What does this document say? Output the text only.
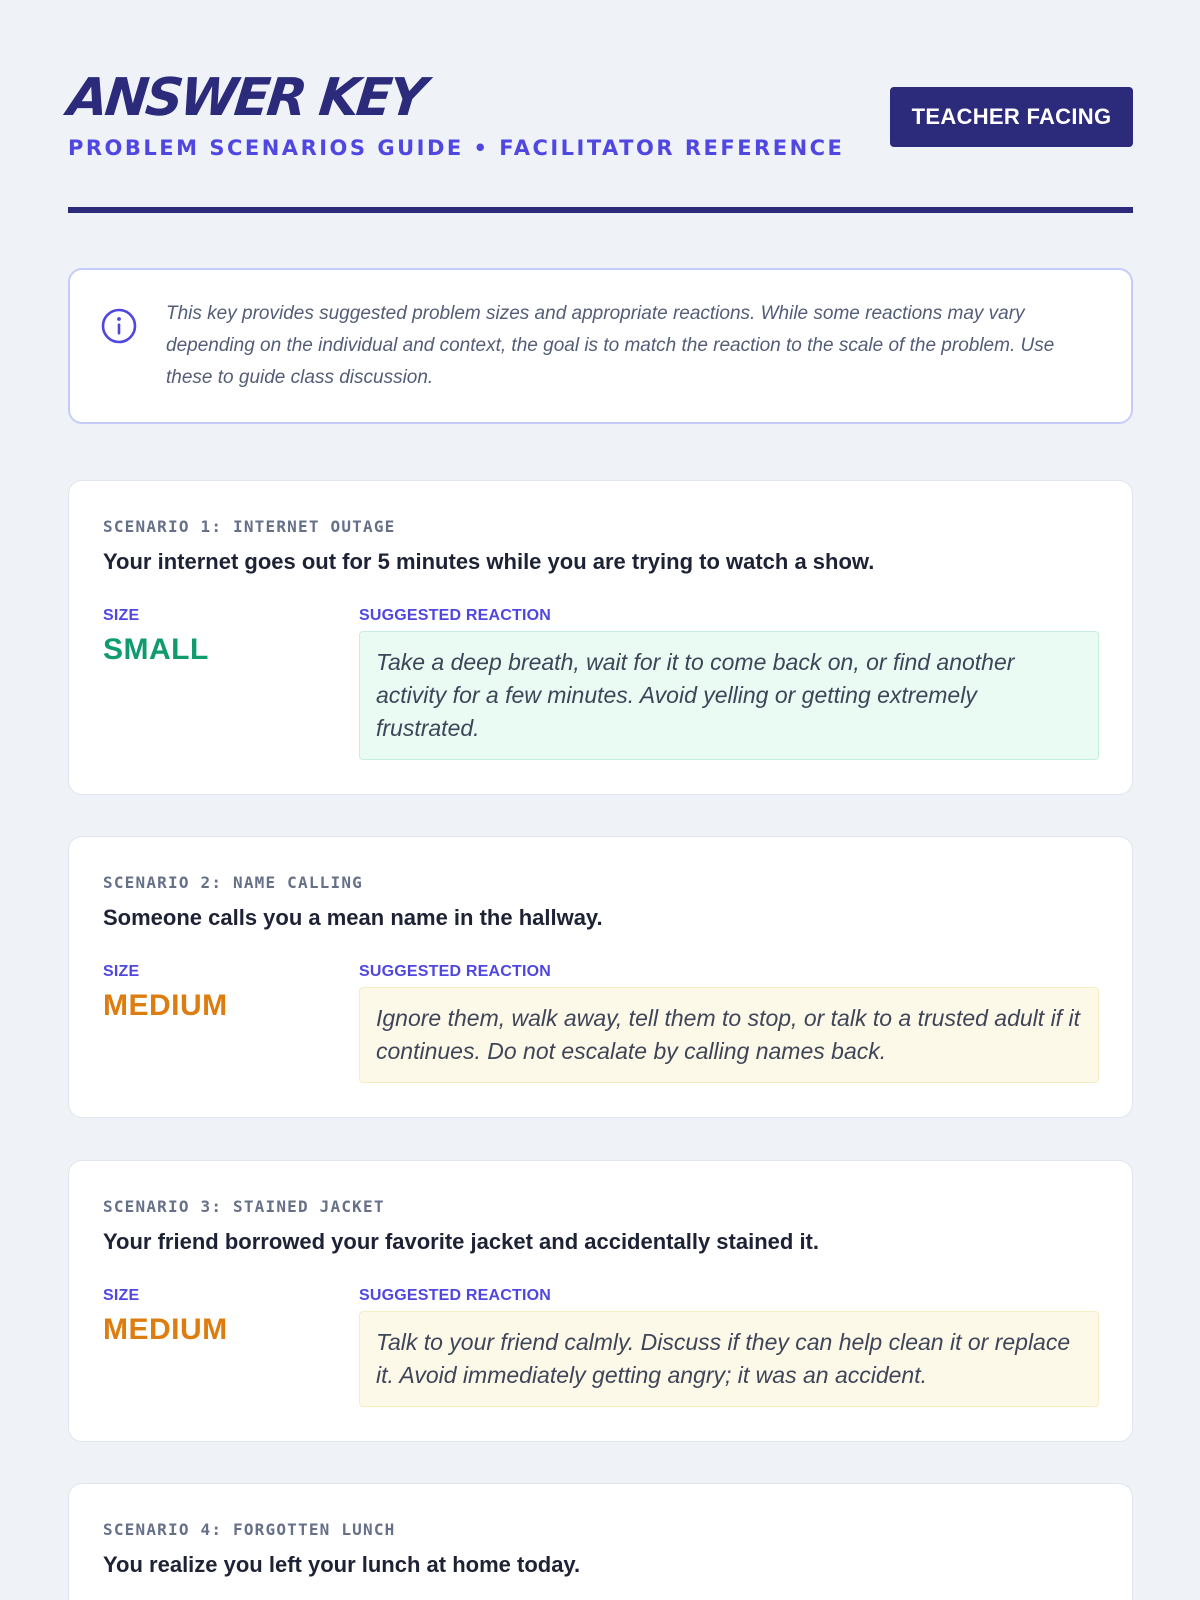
ANSWER KEY
PROBLEM SCENARIOS GUIDE • FACILITATOR REFERENCE
TEACHER FACING
This key provides suggested problem sizes and appropriate reactions. While some reactions may vary depending on the individual and context, the goal is to match the reaction to the scale of the problem. Use these to guide class discussion.
SCENARIO 1: INTERNET OUTAGE
Your internet goes out for 5 minutes while you are trying to watch a show.
SIZE	SUGGESTED REACTION
SMALL	Take a deep breath, wait for it to come back on, or find another activity for a few minutes. Avoid yelling or getting extremely frustrated.
SCENARIO 2: NAME CALLING
Someone calls you a mean name in the hallway.
SIZE	SUGGESTED REACTION
MEDIUM	Ignore them, walk away, tell them to stop, or talk to a trusted adult if it continues. Do not escalate by calling names back.
SCENARIO 3: STAINED JACKET
Your friend borrowed your favorite jacket and accidentally stained it.
SIZE	SUGGESTED REACTION
MEDIUM	Talk to your friend calmly. Discuss if they can help clean it or replace it. Avoid immediately getting angry; it was an accident.
SCENARIO 4: FORGOTTEN LUNCH
You realize you left your lunch at home today.
